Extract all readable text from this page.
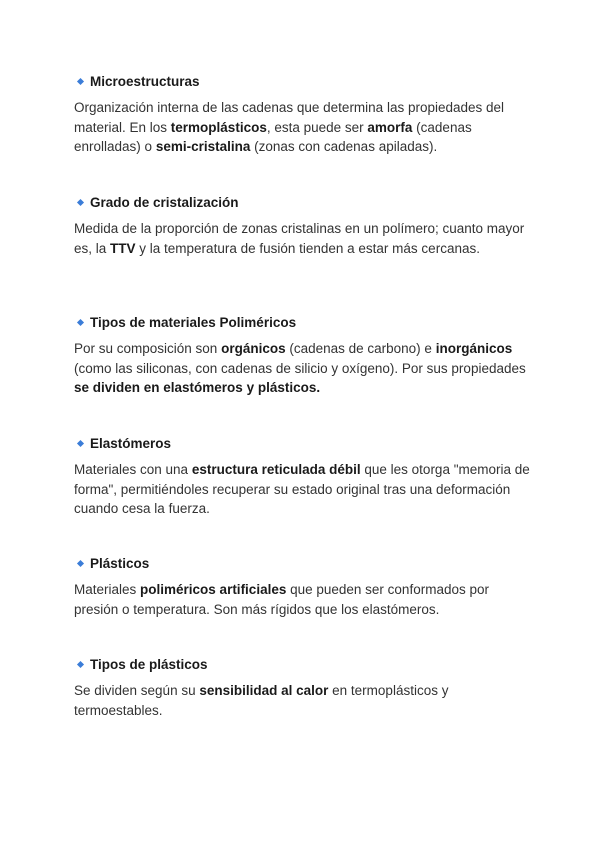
Microestructuras

Organización interna de las cadenas que determina las propiedades del material. En los termoplásticos, esta puede ser amorfa (cadenas enrolladas) o semi-cristalina (zonas con cadenas apiladas).

Grado de cristalización

Medida de la proporción de zonas cristalinas en un polímero; cuanto mayor es, la TTV y la temperatura de fusión tienden a estar más cercanas.

Tipos de materiales Poliméricos

Por su composición son orgánicos (cadenas de carbono) e inorgánicos (como las siliconas, con cadenas de silicio y oxígeno). Por sus propiedades se dividen en elastómeros y plásticos.

Elastómeros

Materiales con una estructura reticulada débil que les otorga "memoria de forma", permitiéndoles recuperar su estado original tras una deformación cuando cesa la fuerza.

Plásticos

Materiales poliméricos artificiales que pueden ser conformados por presión o temperatura. Son más rígidos que los elastómeros.

Tipos de plásticos

Se dividen según su sensibilidad al calor en termoplásticos y termoestables.
